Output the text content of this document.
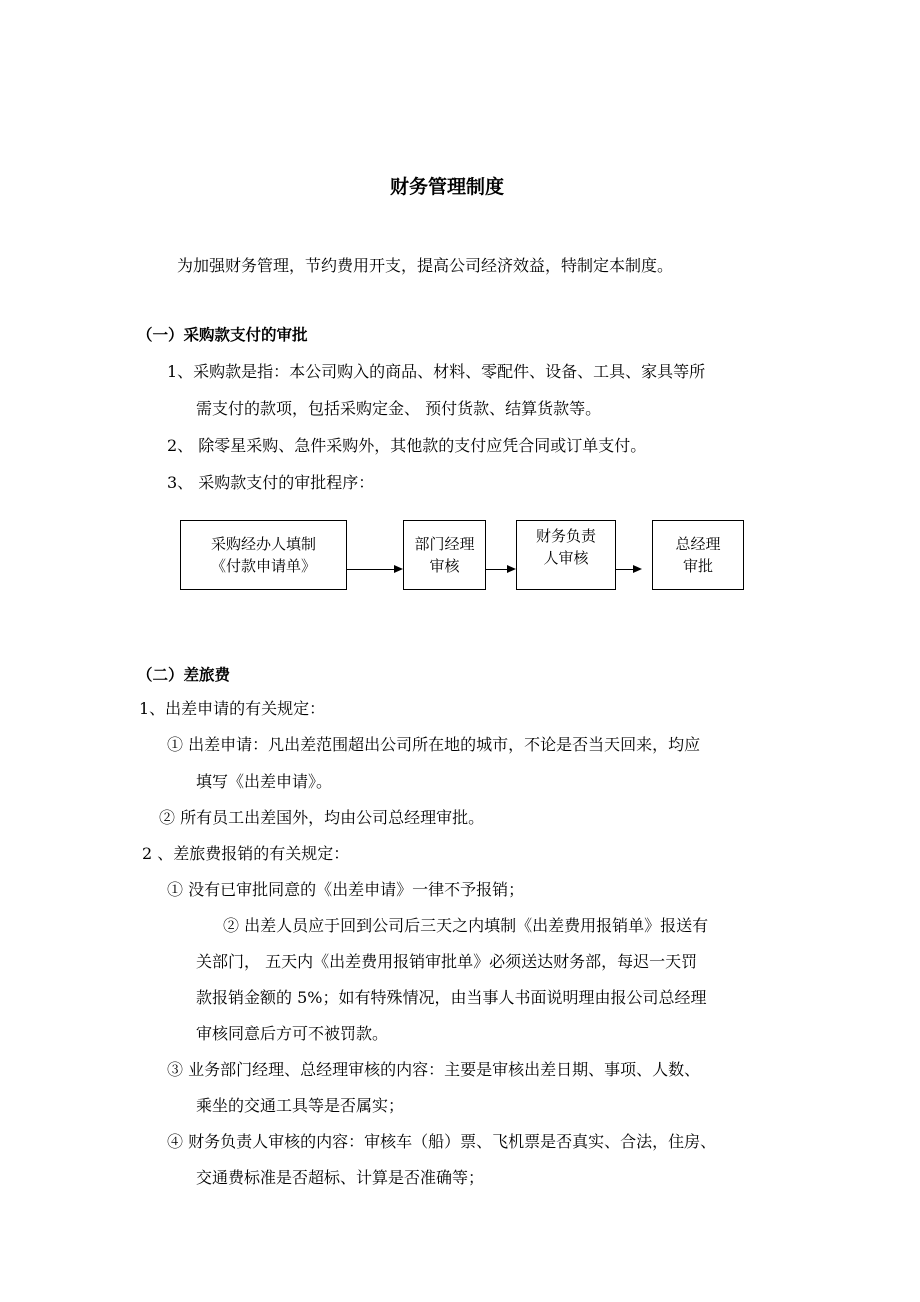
财务管理制度
为加强财务管理，节约费用开支，提高公司经济效益，特制定本制度。
（一）采购款支付的审批
1、采购款是指：本公司购入的商品、材料、零配件、设备、工具、家具等所
需支付的款项，包括采购定金、 预付货款、结算货款等。
2、 除零星采购、急件采购外，其他款的支付应凭合同或订单支付。
3、 采购款支付的审批程序：
采购经办人填制
《付款申请单》
部门经理
审核
财务负责
人审核
总经理
审批
（二）差旅费
1、出差申请的有关规定：
① 出差申请：凡出差范围超出公司所在地的城市，不论是否当天回来，均应
填写《出差申请》。
② 所有员工出差国外，均由公司总经理审批。
2 、差旅费报销的有关规定：
① 没有已审批同意的《出差申请》一律不予报销；
② 出差人员应于回到公司后三天之内填制《出差费用报销单》报送有
关部门， 五天内《出差费用报销审批单》必须送达财务部，每迟一天罚
款报销金额的 5%；如有特殊情况，由当事人书面说明理由报公司总经理
审核同意后方可不被罚款。
③ 业务部门经理、总经理审核的内容：主要是审核出差日期、事项、人数、
乘坐的交通工具等是否属实；
④ 财务负责人审核的内容：审核车（船）票、飞机票是否真实、合法，住房、
交通费标准是否超标、计算是否准确等；
